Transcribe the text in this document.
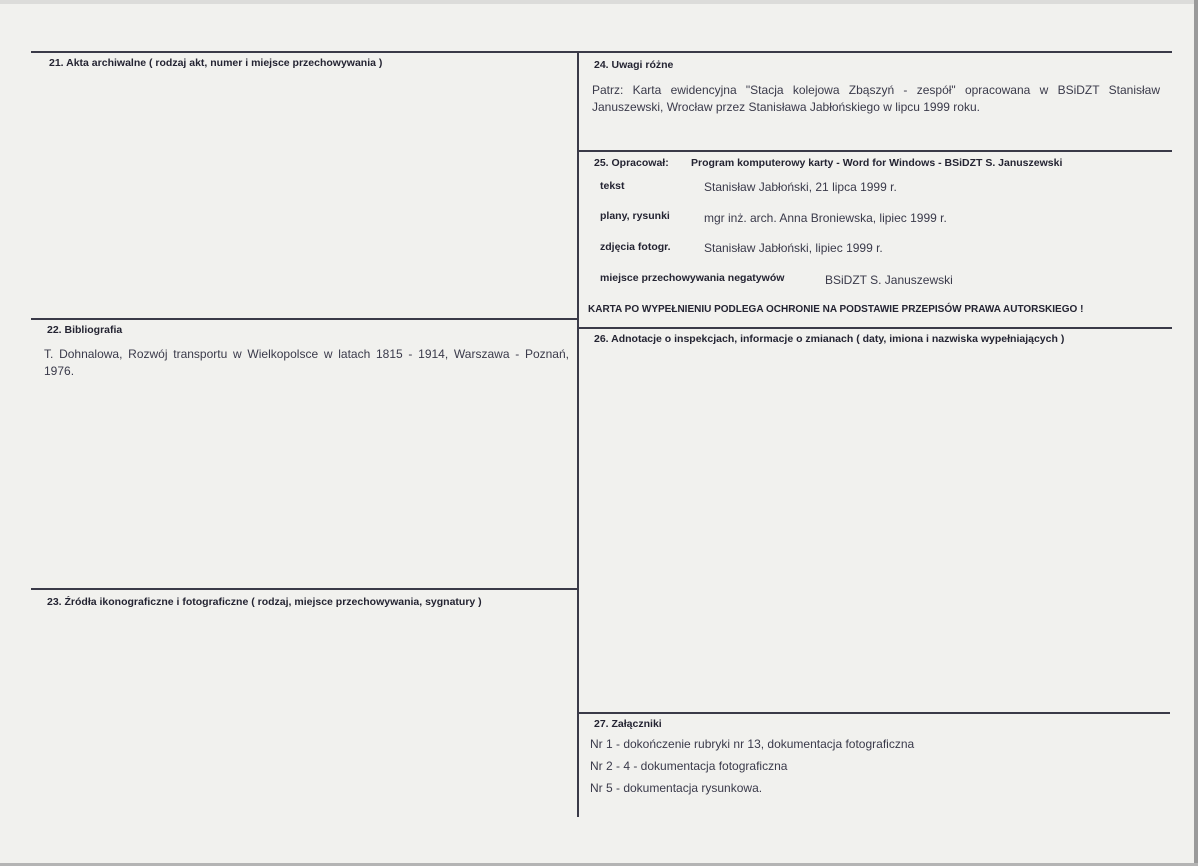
21. Akta archiwalne ( rodzaj akt, numer i miejsce przechowywania )
22. Bibliografia
T. Dohnalowa, Rozwój transportu w Wielkopolsce w latach 1815 - 1914, Warszawa - Poznań, 1976.
23. Źródła ikonograficzne i fotograficzne ( rodzaj, miejsce przechowywania, sygnatury )
24. Uwagi różne
Patrz: Karta ewidencyjna "Stacja kolejowa Zbąszyń - zespół" opracowana w BSiDZT Stanisław Januszewski, Wrocław przez Stanisława Jabłońskiego w lipcu 1999 roku.
25. Opracował: Program komputerowy karty - Word for Windows - BSiDZT S. Januszewski
tekst	Stanisław Jabłoński, 21 lipca 1999 r.
plany, rysunki	mgr inż. arch. Anna Broniewska, lipiec 1999 r.
zdjęcia fotogr.	Stanisław Jabłoński, lipiec 1999 r.
miejsce przechowywania negatywów	BSiDZT S. Januszewski
KARTA PO WYPEŁNIENIU PODLEGA OCHRONIE NA PODSTAWIE PRZEPISÓW PRAWA AUTORSKIEGO !
26. Adnotacje o inspekcjach, informacje o zmianach ( daty, imiona i nazwiska wypełniających )
27. Załączniki
Nr 1 - dokończenie rubryki nr 13, dokumentacja fotograficzna
Nr 2 - 4 - dokumentacja fotograficzna
Nr 5 - dokumentacja rysunkowa.
